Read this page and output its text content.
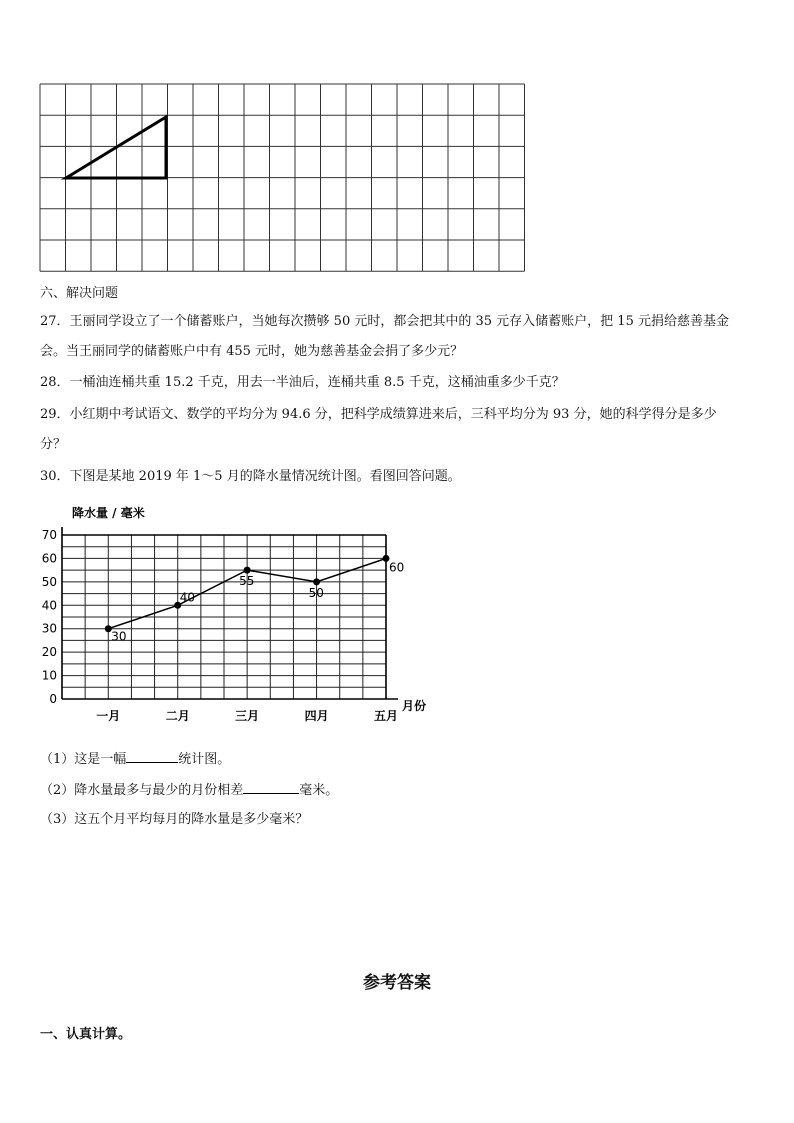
六、解决问题
27．王丽同学设立了一个储蓄账户，当她每次攒够 50 元时，都会把其中的 35 元存入储蓄账户，把 15 元捐给慈善基金
会。当王丽同学的储蓄账户中有 455 元时，她为慈善基金会捐了多少元？
28．一桶油连桶共重 15.2 千克，用去一半油后，连桶共重 8.5 千克，这桶油重多少千克？
29．小红期中考试语文、数学的平均分为 94.6 分，把科学成绩算进来后，三科平均分为 93 分，她的科学得分是多少
分？
30．下图是某地 2019 年 1～5 月的降水量情况统计图。看图回答问题。
0
10
20
30
40
50
60
70
一月	二月	三月	四月	五月
30
40
55
50
60
降水量 / 毫米
月份
（1）这是一幅	统计图。
（2）降水量最多与最少的月份相差	毫米。
（3）这五个月平均每月的降水量是多少毫米？
参考答案
一、认真计算。
